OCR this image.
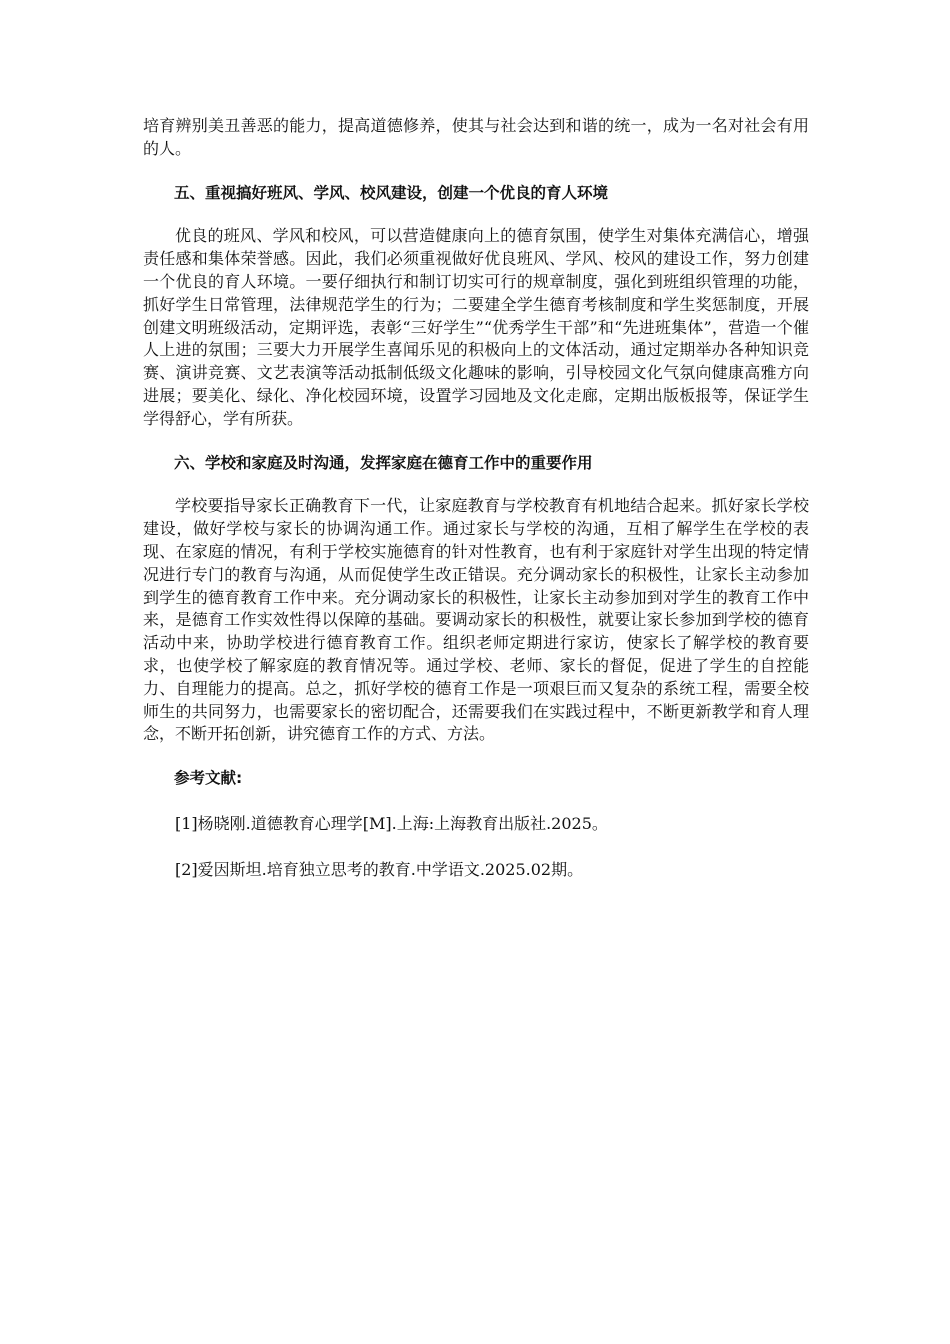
培育辨别美丑善恶的能力，提高道德修养，使其与社会达到和谐的统一，成为一名对社会有用的人。

五、重视搞好班风、学风、校风建设，创建一个优良的育人环境

优良的班风、学风和校风，可以营造健康向上的德育氛围，使学生对集体充满信心，增强责任感和集体荣誉感。因此，我们必须重视做好优良班风、学风、校风的建设工作，努力创建一个优良的育人环境。一要仔细执行和制订切实可行的规章制度，强化到班组织管理的功能，抓好学生日常管理，法律规范学生的行为；二要建全学生德育考核制度和学生奖惩制度，开展创建文明班级活动，定期评选，表彰“三好学生”“优秀学生干部”和“先进班集体”，营造一个催人上进的氛围；三要大力开展学生喜闻乐见的积极向上的文体活动，通过定期举办各种知识竞赛、演讲竞赛、文艺表演等活动抵制低级文化趣味的影响，引导校园文化气氛向健康高雅方向进展；要美化、绿化、净化校园环境，设置学习园地及文化走廊，定期出版板报等，保证学生学得舒心，学有所获。

六、学校和家庭及时沟通，发挥家庭在德育工作中的重要作用

学校要指导家长正确教育下一代，让家庭教育与学校教育有机地结合起来。抓好家长学校建设，做好学校与家长的协调沟通工作。通过家长与学校的沟通，互相了解学生在学校的表现、在家庭的情况，有利于学校实施德育的针对性教育，也有利于家庭针对学生出现的特定情况进行专门的教育与沟通，从而促使学生改正错误。充分调动家长的积极性，让家长主动参加到学生的德育教育工作中来。充分调动家长的积极性，让家长主动参加到对学生的教育工作中来，是德育工作实效性得以保障的基础。要调动家长的积极性，就要让家长参加到学校的德育活动中来，协助学校进行德育教育工作。组织老师定期进行家访，使家长了解学校的教育要求，也使学校了解家庭的教育情况等。通过学校、老师、家长的督促，促进了学生的自控能力、自理能力的提高。总之，抓好学校的德育工作是一项艰巨而又复杂的系统工程，需要全校师生的共同努力，也需要家长的密切配合，还需要我们在实践过程中，不断更新教学和育人理念，不断开拓创新，讲究德育工作的方式、方法。

参考文献:

[1]杨晓刚.道德教育心理学[M].上海:上海教育出版社.2025。

[2]爱因斯坦.培育独立思考的教育.中学语文.2025.02期。
